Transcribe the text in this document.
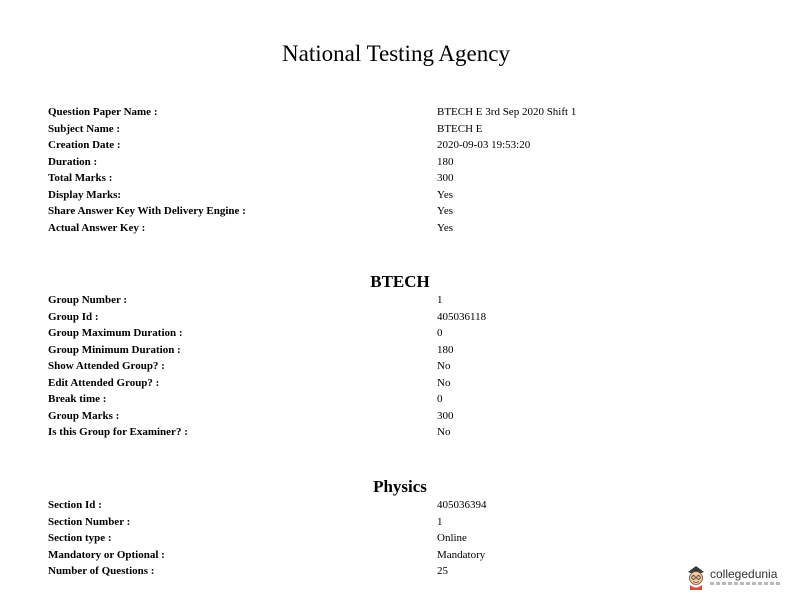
National Testing Agency
Question Paper Name :	BTECH E 3rd Sep 2020 Shift 1
Subject Name :	BTECH E
Creation Date :	2020-09-03 19:53:20
Duration :	180
Total Marks :	300
Display Marks:	Yes
Share Answer Key With Delivery Engine :	Yes
Actual Answer Key :	Yes
BTECH
Group Number :	1
Group Id :	405036118
Group Maximum Duration :	0
Group Minimum Duration :	180
Show Attended Group? :	No
Edit Attended Group? :	No
Break time :	0
Group Marks :	300
Is this Group for Examiner? :	No
Physics
Section Id :	405036394
Section Number :	1
Section type :	Online
Mandatory or Optional :	Mandatory
Number of Questions :	25	collegedunia
